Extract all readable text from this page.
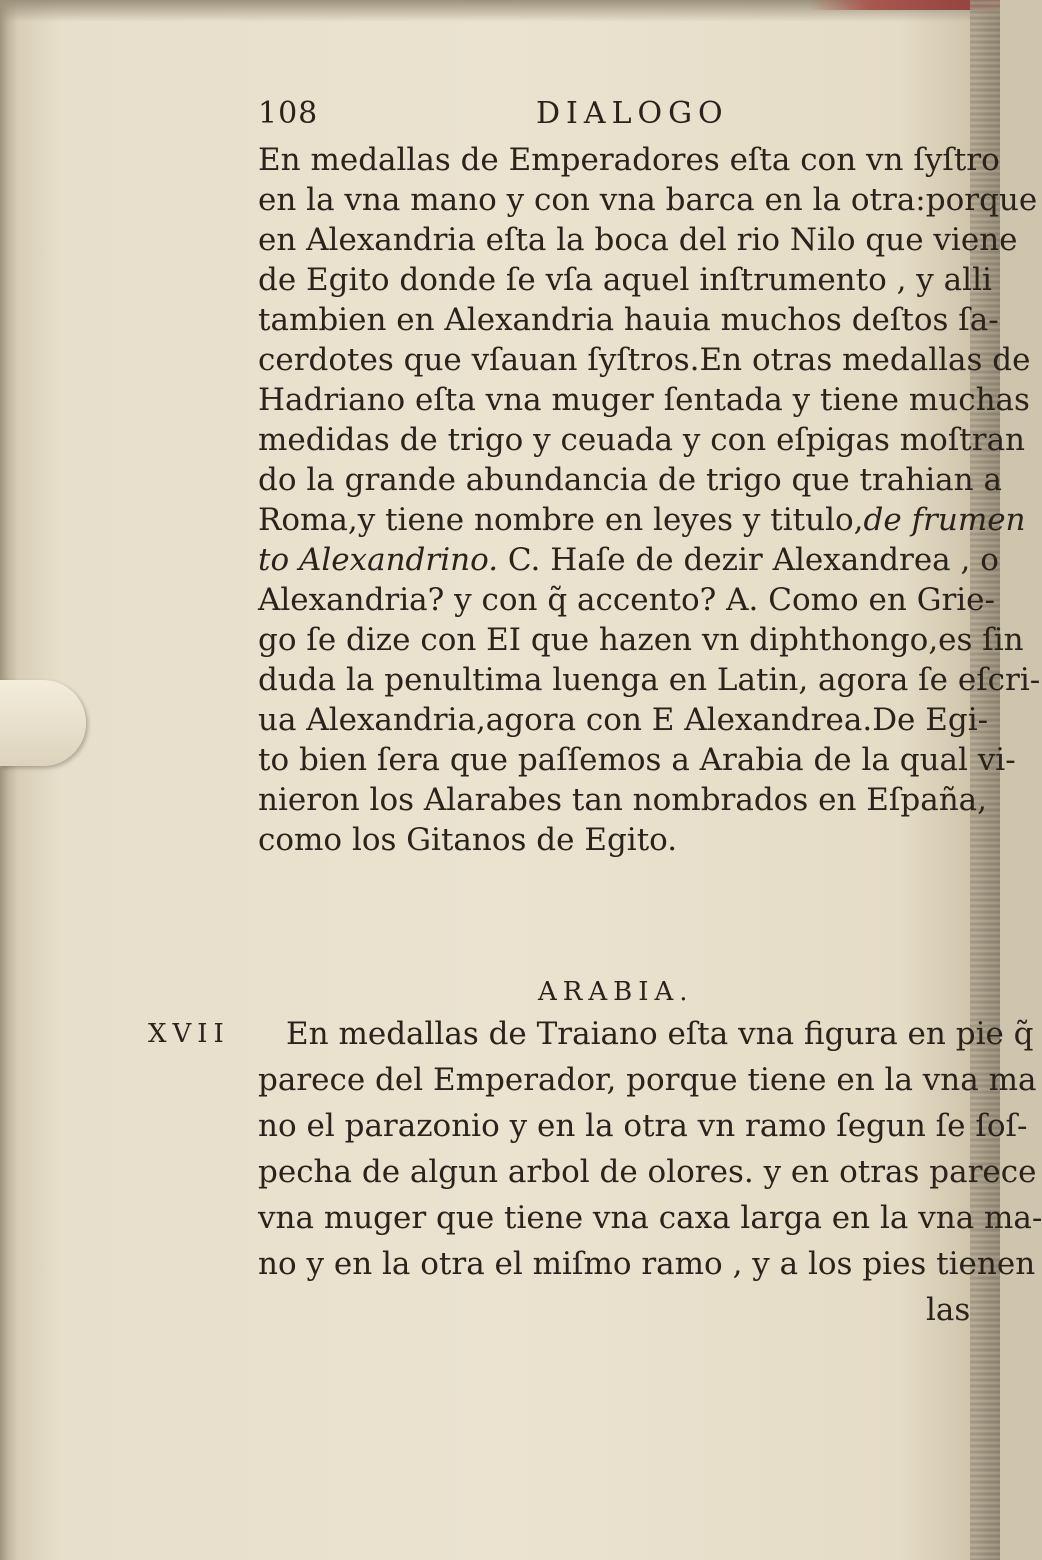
108	DIALOGO
En medallas de Emperadores eſta con vn ſyſtro
en la vna mano y con vna barca en la otra:porque
en Alexandria eſta la boca del rio Nilo que viene
de Egito donde ſe vſa aquel inſtrumento , y alli
tambien en Alexandria hauia muchos deſtos ſa-
cerdotes que vſauan ſyſtros.En otras medallas de
Hadriano eſta vna muger ſentada y tiene muchas
medidas de trigo y ceuada y con eſpigas moſtran
do la grande abundancia de trigo que trahian a
Roma,y tiene nombre en leyes y titulo,de frumen
to Alexandrino. C. Haſe de dezir Alexandrea , o
Alexandria? y con q̃ accento? A. Como en Grie-
go ſe dize con EI que hazen vn diphthongo,es ſin
duda la penultima luenga en Latin, agora ſe eſcri-
ua Alexandria,agora con E Alexandrea.De Egi-
to bien ſera que paſſemos a Arabia de la qual vi-
nieron los Alarabes tan nombrados en Eſpaña,
como los Gitanos de Egito.
ARABIA.
XVII	En medallas de Traiano eſta vna figura en pie q̃
parece del Emperador, porque tiene en la vna ma
no el parazonio y en la otra vn ramo ſegun ſe ſoſ-
pecha de algun arbol de olores. y en otras parece
vna muger que tiene vna caxa larga en la vna ma-
no y en la otra el miſmo ramo , y a los pies tienen
las
